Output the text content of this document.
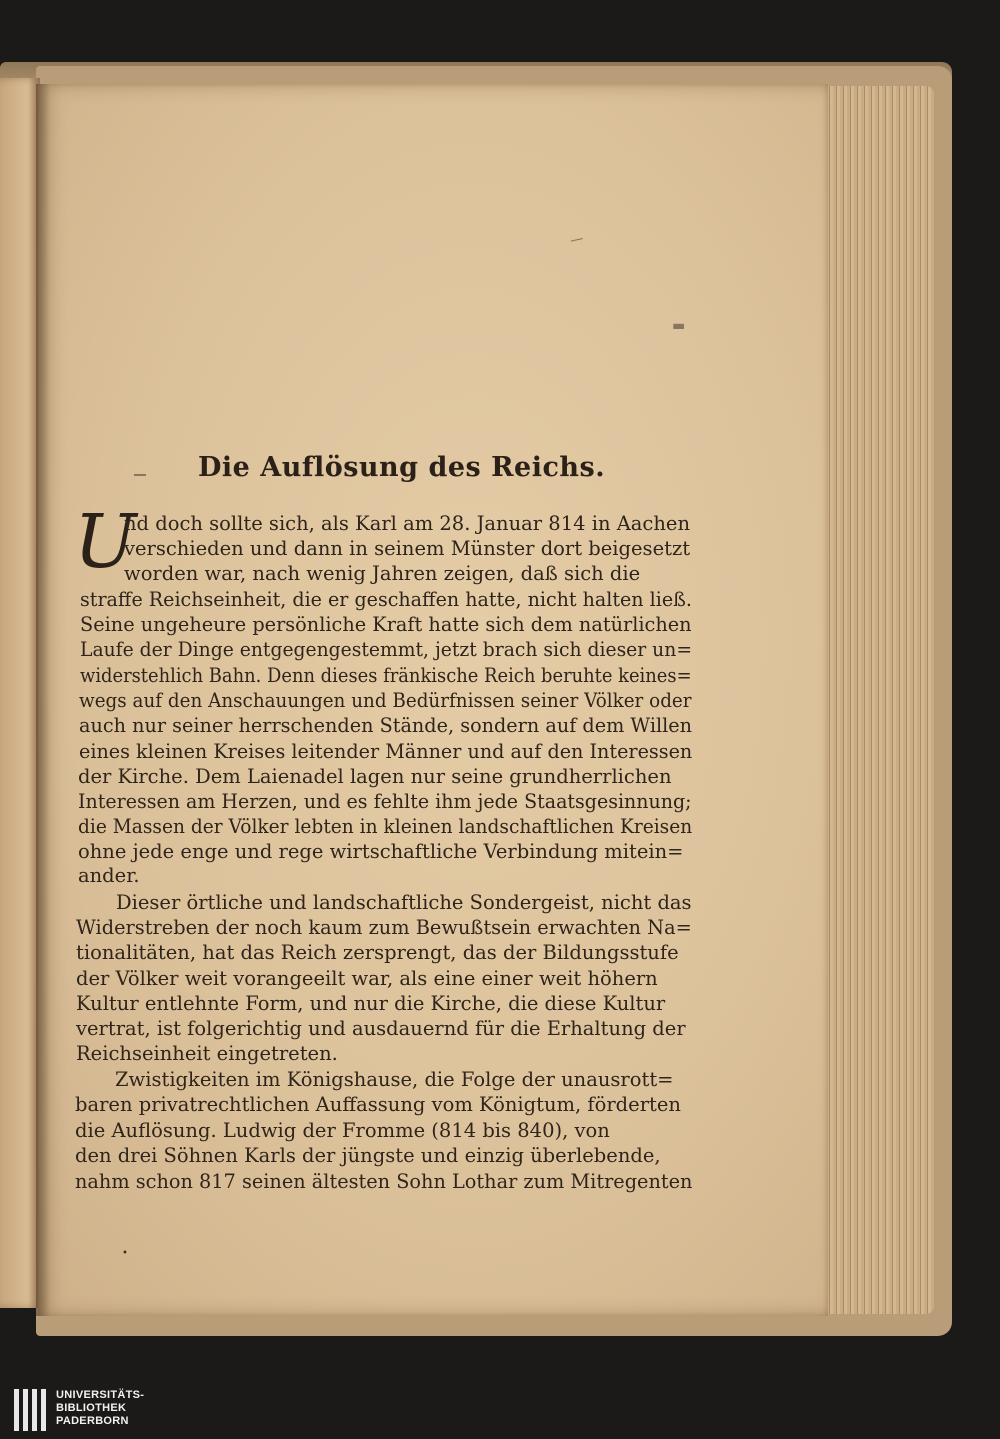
/
▬
•
Die Auflösung des Reichs.
U
nd doch sollte sich, als Karl am 28. Januar 814 in Aachen
verschieden und dann in seinem Münster dort beigesetzt
worden war, nach wenig Jahren zeigen, daß sich die
straffe Reichseinheit, die er geschaffen hatte, nicht halten ließ.
Seine ungeheure persönliche Kraft hatte sich dem natürlichen
Laufe der Dinge entgegengestemmt, jetzt brach sich dieser un=
widerstehlich Bahn. Denn dieses fränkische Reich beruhte keines=
wegs auf den Anschauungen und Bedürfnissen seiner Völker oder
auch nur seiner herrschenden Stände, sondern auf dem Willen
eines kleinen Kreises leitender Männer und auf den Interessen
der Kirche. Dem Laienadel lagen nur seine grundherrlichen
Interessen am Herzen, und es fehlte ihm jede Staatsgesinnung;
die Massen der Völker lebten in kleinen landschaftlichen Kreisen
ohne jede enge und rege wirtschaftliche Verbindung mitein=
ander.
Dieser örtliche und landschaftliche Sondergeist, nicht das
Widerstreben der noch kaum zum Bewußtsein erwachten Na=
tionalitäten, hat das Reich zersprengt, das der Bildungsstufe
der Völker weit vorangeeilt war, als eine einer weit höhern
Kultur entlehnte Form, und nur die Kirche, die diese Kultur
vertrat, ist folgerichtig und ausdauernd für die Erhaltung der
Reichseinheit eingetreten.
Zwistigkeiten im Königshause, die Folge der unausrott=
baren privatrechtlichen Auffassung vom Königtum, förderten
die Auflösung. Ludwig der Fromme (814 bis 840), von
den drei Söhnen Karls der jüngste und einzig überlebende,
nahm schon 817 seinen ältesten Sohn Lothar zum Mitregenten
UNIVERSITÄTS-
BIBLIOTHEK
PADERBORN
